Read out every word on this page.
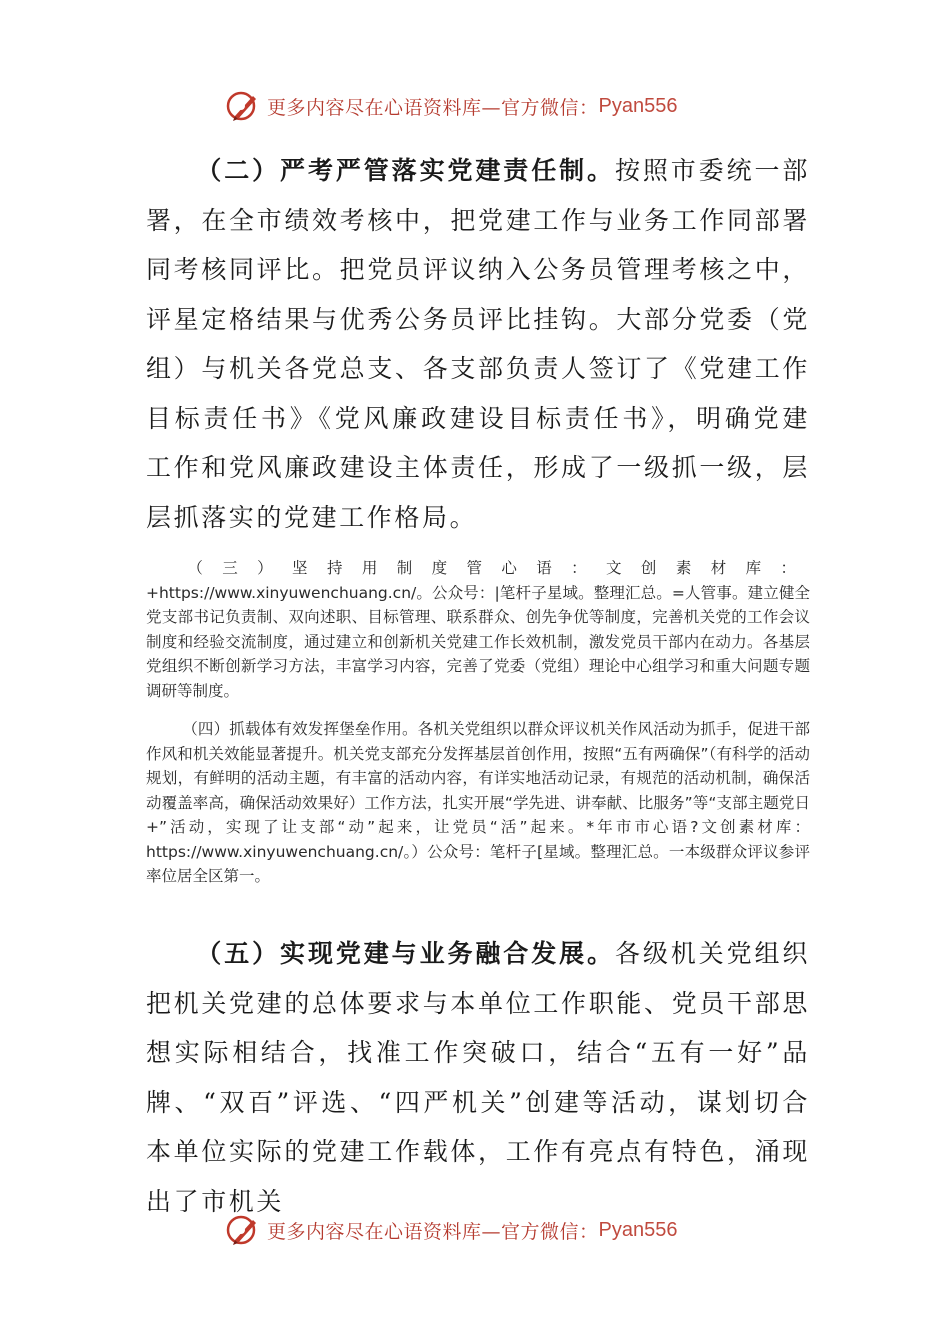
更多内容尽在心语资料库—官方微信： Pyan556

（二）严考严管落实党建责任制。按照市委统一部署，在全市绩效考核中，把党建工作与业务工作同部署同考核同评比。把党员评议纳入公务员管理考核之中，评星定格结果与优秀公务员评比挂钩。大部分党委（党组）与机关各党总支、各支部负责人签订了《党建工作目标责任书》《党风廉政建设目标责任书》，明确党建工作和党风廉政建设主体责任，形成了一级抓一级，层层抓落实的党建工作格局。

（三）坚持用制度管心语：文创素材库：+https://www.xinyuwenchuang.cn/。公众号：|笔杆子星域。整理汇总。=人管事。建立健全党支部书记负责制、双向述职、目标管理、联系群众、创先争优等制度，完善机关党的工作会议制度和经验交流制度，通过建立和创新机关党建工作长效机制，激发党员干部内在动力。各基层党组织不断创新学习方法，丰富学习内容，完善了党委（党组）理论中心组学习和重大问题专题调研等制度。

（四）抓载体有效发挥堡垒作用。各机关党组织以群众评议机关作风活动为抓手，促进干部作风和机关效能显著提升。机关党支部充分发挥基层首创作用，按照“五有两确保”（有科学的活动规划，有鲜明的活动主题，有丰富的活动内容，有详实地活动记录，有规范的活动机制，确保活动覆盖率高，确保活动效果好）工作方法，扎实开展“学先进、讲奉献、比服务”等“支部主题党日+”活动，实现了让支部“动”起来，让党员“活”起来。*年市市心语?文创素材库：https://www.xinyuwenchuang.cn/。）公众号：笔杆子[星域。整理汇总。一本级群众评议参评率位居全区第一。

（五）实现党建与业务融合发展。各级机关党组织把机关党建的总体要求与本单位工作职能、党员干部思想实际相结合，找准工作突破口，结合“五有一好”品牌、“双百”评选、“四严机关”创建等活动，谋划切合本单位实际的党建工作载体，工作有亮点有特色，涌现出了市机关

更多内容尽在心语资料库—官方微信： Pyan556
